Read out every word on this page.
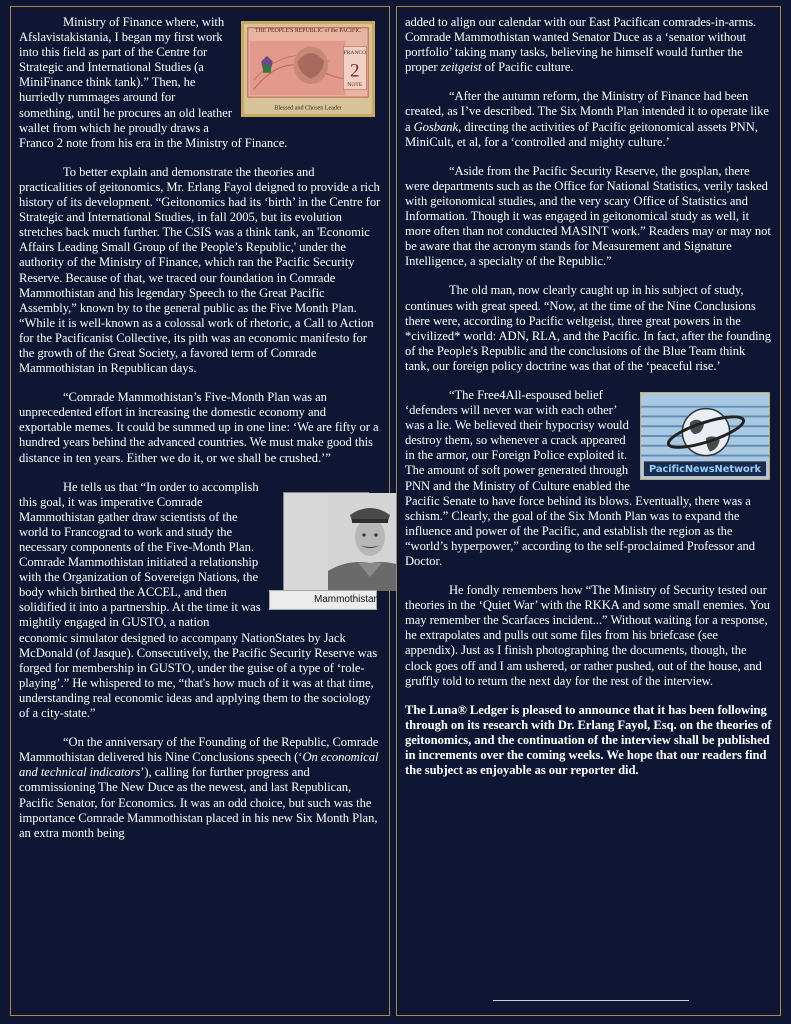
THE PEOPLE'S REPUBLIC of the PACIFIC
FRANCO
2
NOTE
Blessed and Chosen Leader
Ministry of Finance where, with Afslavistakistania, I began my first work into this field as part of the Centre for Strategic and International Studies (a MiniFinance think tank).” Then, he hurriedly rummages around for something, until he procures an old leather wallet from which he proudly draws a Franco 2 note from his era in the Ministry of Finance.

To better explain and demonstrate the theories and practicalities of geitonomics, Mr. Erlang Fayol deigned to provide a rich history of its development. “Geitonomics had its ‘birth’ in the Centre for Strategic and International Studies, in fall 2005, but its evolution stretches back much further. The CSIS was a think tank, an 'Economic Affairs Leading Small Group of the People’s Republic,' under the authority of the Ministry of Finance, which ran the Pacific Security Reserve. Because of that, we traced our foundation in Comrade Mammothistan and his legendary Speech to the Great Pacific Assembly,” known by to the general public as the Five Month Plan. “While it is well-known as a colossal work of rhetoric, a Call to Action for the Pacificanist Collective, its pith was an economic manifesto for the growth of the Great Society, a favored term of Comrade Mammothistan in Republican days.

“Comrade Mammothistan’s Five-Month Plan was an unprecedented effort in increasing the domestic economy and exportable memes. It could be summed up in one line: ‘We are fifty or a hundred years behind the advanced countries. We must make good this distance in ten years. Either we do it, or we shall be crushed.’”

Mammothistan
He tells us that “In order to accomplish this goal, it was imperative Comrade Mammothistan gather draw scientists of the world to Francograd to work and study the necessary components of the Five-Month Plan. Comrade Mammothistan initiated a relationship with the Organization of Sovereign Nations, the body which birthed the ACCEL, and then solidified it into a partnership. At the time it was mightily engaged in GUSTO, a nation economic simulator designed to accompany NationStates by Jack McDonald (of Jasque). Consecutively, the Pacific Security Reserve was forged for membership in GUSTO, under the guise of a type of ‘role-playing’.” He whispered to me, “that's how much of it was at that time, understanding real economic ideas and applying them to the sociology of a city-state.”

“On the anniversary of the Founding of the Republic, Comrade Mammothistan delivered his Nine Conclusions speech (‘On economical and technical indicators’), calling for further progress and commissioning The New Duce as the newest, and last Republican, Pacific Senator, for Economics. It was an odd choice, but such was the importance Comrade Mammothistan placed in his new Six Month Plan, an extra month being

added to align our calendar with our East Pacifican comrades-in-arms. Comrade Mammothistan wanted Senator Duce as a ‘senator without portfolio’ taking many tasks, believing he himself would further the proper zeitgeist of Pacific culture.

“After the autumn reform, the Ministry of Finance had been created, as I’ve described. The Six Month Plan intended it to operate like a Gosbank, directing the activities of Pacific geitonomical assets PNN, MiniCult, et al, for a ‘controlled and mighty culture.’

“Aside from the Pacific Security Reserve, the gosplan, there were departments such as the Office for National Statistics, verily tasked with geitonomical studies, and the very scary Office of Statistics and Information. Though it was engaged in geitonomical study as well, it more often than not conducted MASINT work.” Readers may or may not be aware that the acronym stands for Measurement and Signature Intelligence, a specialty of the Republic.”

The old man, now clearly caught up in his subject of study, continues with great speed. “Now, at the time of the Nine Conclusions there were, according to Pacific weltgeist, three great powers in the *civilized* world: ADN, RLA, and the Pacific. In fact, after the founding of the People's Republic and the conclusions of the Blue Team think tank, our foreign policy doctrine was that of the ‘peaceful rise.’

PacificNewsNetwork
“The Free4All-espoused belief ‘defenders will never war with each other’ was a lie. We believed their hypocrisy would destroy them, so whenever a crack appeared in the armor, our Foreign Police exploited it. The amount of soft power generated through PNN and the Ministry of Culture enabled the Pacific Senate to have force behind its blows. Eventually, there was a schism.” Clearly, the goal of the Six Month Plan was to expand the influence and power of the Pacific, and establish the region as the “world’s hyperpower,” according to the self-proclaimed Professor and Doctor.

He fondly remembers how “The Ministry of Security tested our theories in the ‘Quiet War’ with the RKKA and some small enemies. You may remember the Scarfaces incident...” Without waiting for a response, he extrapolates and pulls out some files from his briefcase (see appendix). Just as I finish photographing the documents, though, the clock goes off and I am ushered, or rather pushed, out of the house, and gruffly told to return the next day for the rest of the interview.

The Luna® Ledger is pleased to announce that it has been following through on its research with Dr. Erlang Fayol, Esq. on the theories of geitonomics, and the continuation of the interview shall be published in increments over the coming weeks. We hope that our readers find the subject as enjoyable as our reporter did.
